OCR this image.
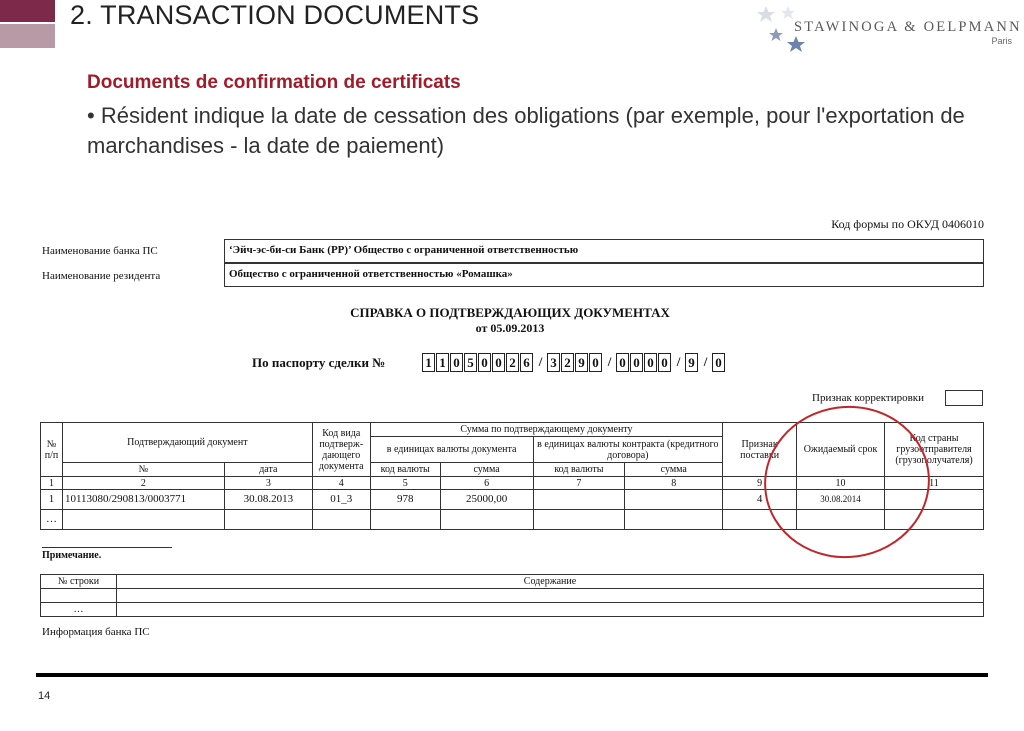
2. TRANSACTION DOCUMENTS	STAWINOGA & OELPMANN
Paris
Documents de confirmation de certificats
• Résident indique la date de cessation des obligations (par exemple, pour l'exportation de marchandises - la date de paiement)
Код формы по ОКУД 0406010
Наименование банка ПС	‘Эйч-эс-би-си Банк (РР)’ Общество с ограниченной ответственностью
Наименование резидента	Общество с ограниченной ответственностью «Ромашка»
СПРАВКА О ПОДТВЕРЖДАЮЩИХ ДОКУМЕНТАХ
от 05.09.2013
По паспорту сделки №	1 1 0 5 0 0 2 6 / 3 2 9 0 / 0 0 0 0 / 9 / 0
Признак корректировки
№ п/п	Подтверждающий документ		Код вида подтверж-дающего документа	Сумма по подтверждающему документу				Признак поставки	Ожидаемый срок	Код страны грузоотправителя (грузополучателя)
				в единицах валюты документа		в единицах валюты контракта (кредитного договора)				
	№	дата		код валюты	сумма	код валюты	сумма			
1	2	3	4	5	6	7	8	9	10	11
1	10113080/290813/0003771	30.08.2013	01_3	978	25000,00			4	30.08.2014	
…										
Примечание.
№ строки	Содержание

…	
Информация банка ПС
14
